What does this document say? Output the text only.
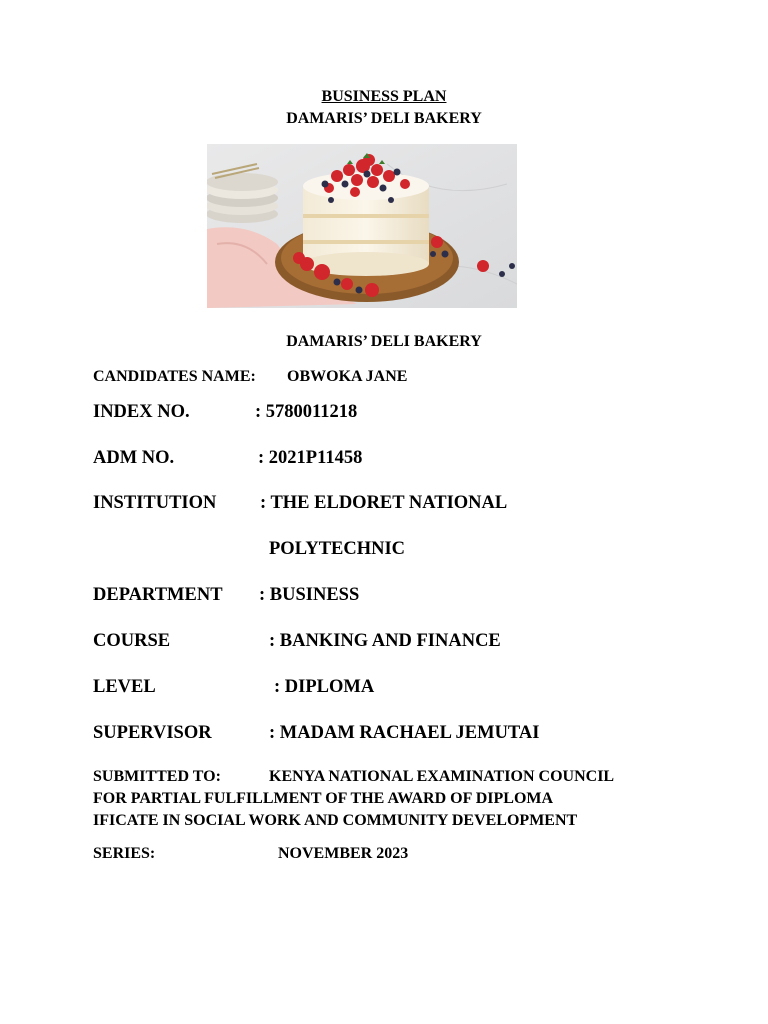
BUSINESS PLAN
DAMARIS’ DELI BAKERY
DAMARIS’ DELI BAKERY
CANDIDATES NAME: OBWOKA JANE
INDEX NO.	: 5780011218
ADM NO.	: 2021P11458
INSTITUTION : THE ELDORET NATIONAL
POLYTECHNIC
DEPARTMENT : BUSINESS
COURSE	: BANKING AND FINANCE
LEVEL	: DIPLOMA
SUPERVISOR	: MADAM RACHAEL JEMUTAI
SUBMITTED TO:	KENYA NATIONAL EXAMINATION COUNCIL
FOR PARTIAL FULFILLMENT OF THE AWARD OF DIPLOMA
IFICATE IN SOCIAL WORK AND COMMUNITY DEVELOPMENT
SERIES:	NOVEMBER 2023
